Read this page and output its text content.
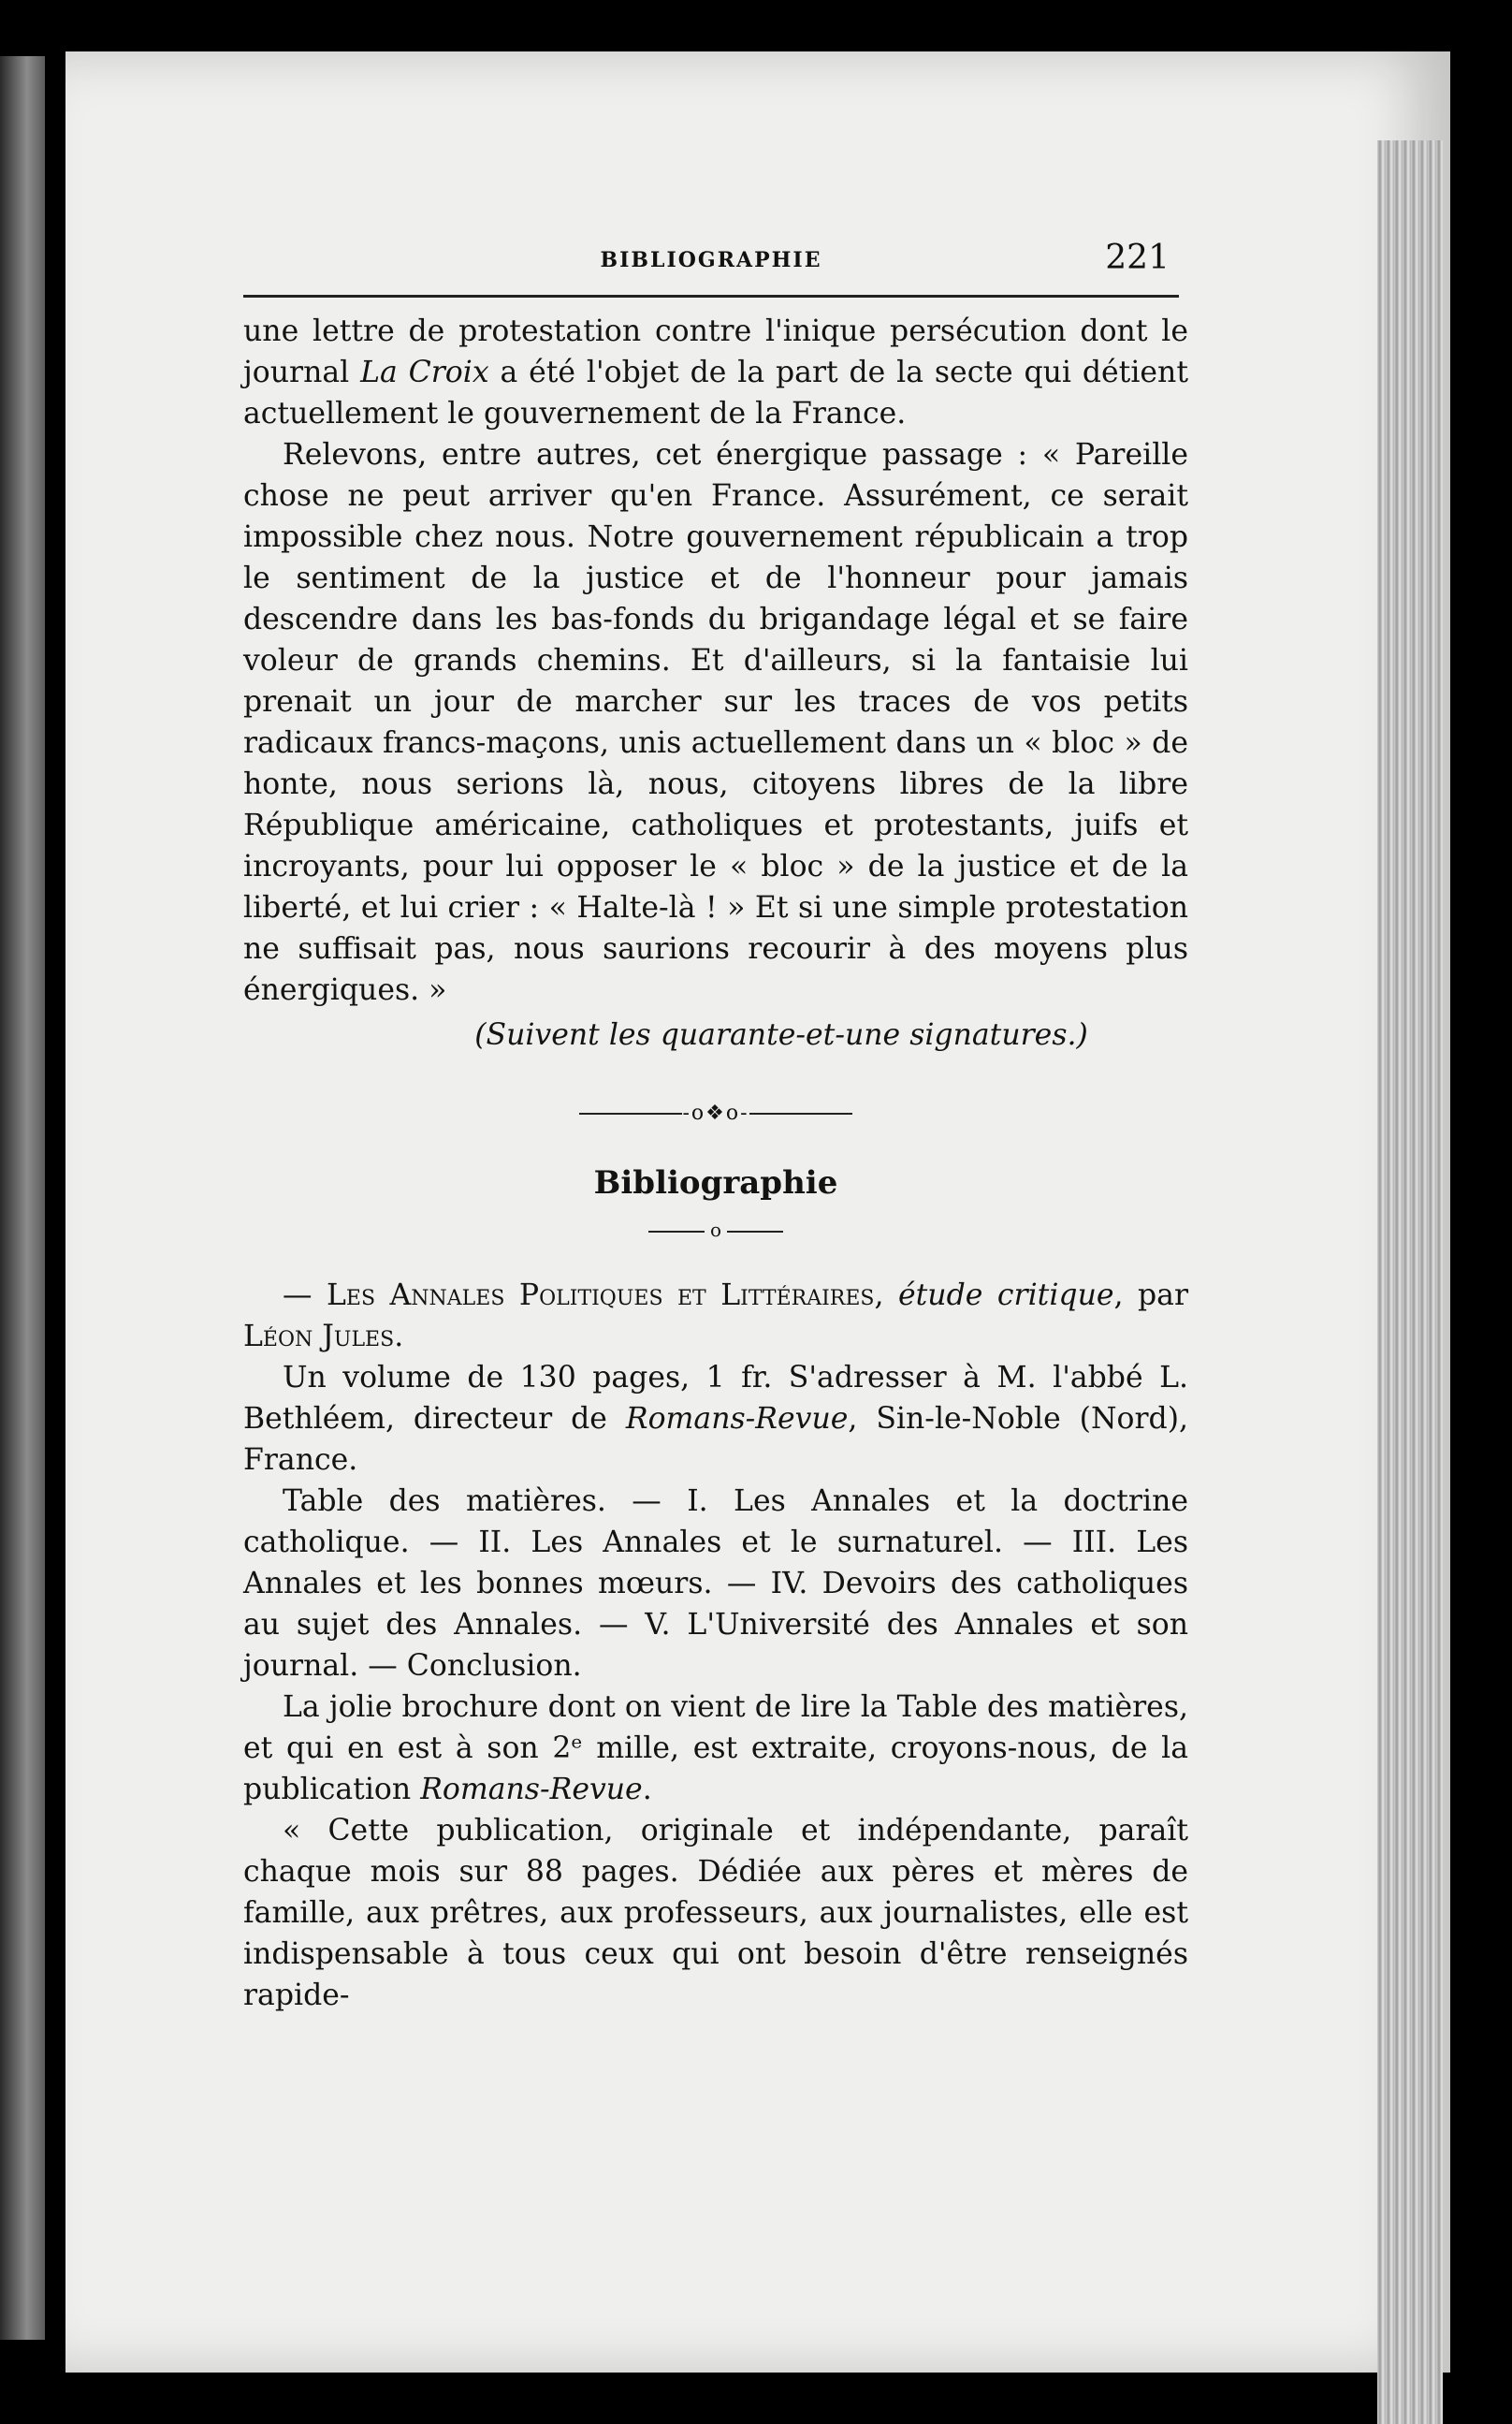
BIBLIOGRAPHIE	221

une lettre de protestation contre l'inique persécution dont le journal La Croix a été l'objet de la part de la secte qui détient actuellement le gouvernement de la France.

Relevons, entre autres, cet énergique passage : « Pareille chose ne peut arriver qu'en France. Assurément, ce serait impossible chez nous. Notre gouvernement républicain a trop le sentiment de la justice et de l'honneur pour jamais descendre dans les bas-fonds du brigandage légal et se faire voleur de grands chemins. Et d'ailleurs, si la fantaisie lui prenait un jour de marcher sur les traces de vos petits radicaux francs-maçons, unis actuellement dans un « bloc » de honte, nous serions là, nous, citoyens libres de la libre République américaine, catholiques et protestants, juifs et incroyants, pour lui opposer le « bloc » de la justice et de la liberté, et lui crier : « Halte-là ! » Et si une simple protestation ne suffisait pas, nous saurions recourir à des moyens plus énergiques. »

(Suivent les quarante-et-une signatures.)

-o❖o-
Bibliographie
o

— Les Annales Politiques et Littéraires, étude critique, par Léon Jules.

Un volume de 130 pages, 1 fr. S'adresser à M. l'abbé L. Bethléem, directeur de Romans-Revue, Sin-le-Noble (Nord), France.

Table des matières. — I. Les Annales et la doctrine catholique. — II. Les Annales et le surnaturel. — III. Les Annales et les bonnes mœurs. — IV. Devoirs des catholiques au sujet des Annales. — V. L'Université des Annales et son journal. — Conclusion.

La jolie brochure dont on vient de lire la Table des matières, et qui en est à son 2ᵉ mille, est extraite, croyons-nous, de la publication Romans-Revue.

« Cette publication, originale et indépendante, paraît chaque mois sur 88 pages. Dédiée aux pères et mères de famille, aux prêtres, aux professeurs, aux journalistes, elle est indispensable à tous ceux qui ont besoin d'être renseignés rapide-
